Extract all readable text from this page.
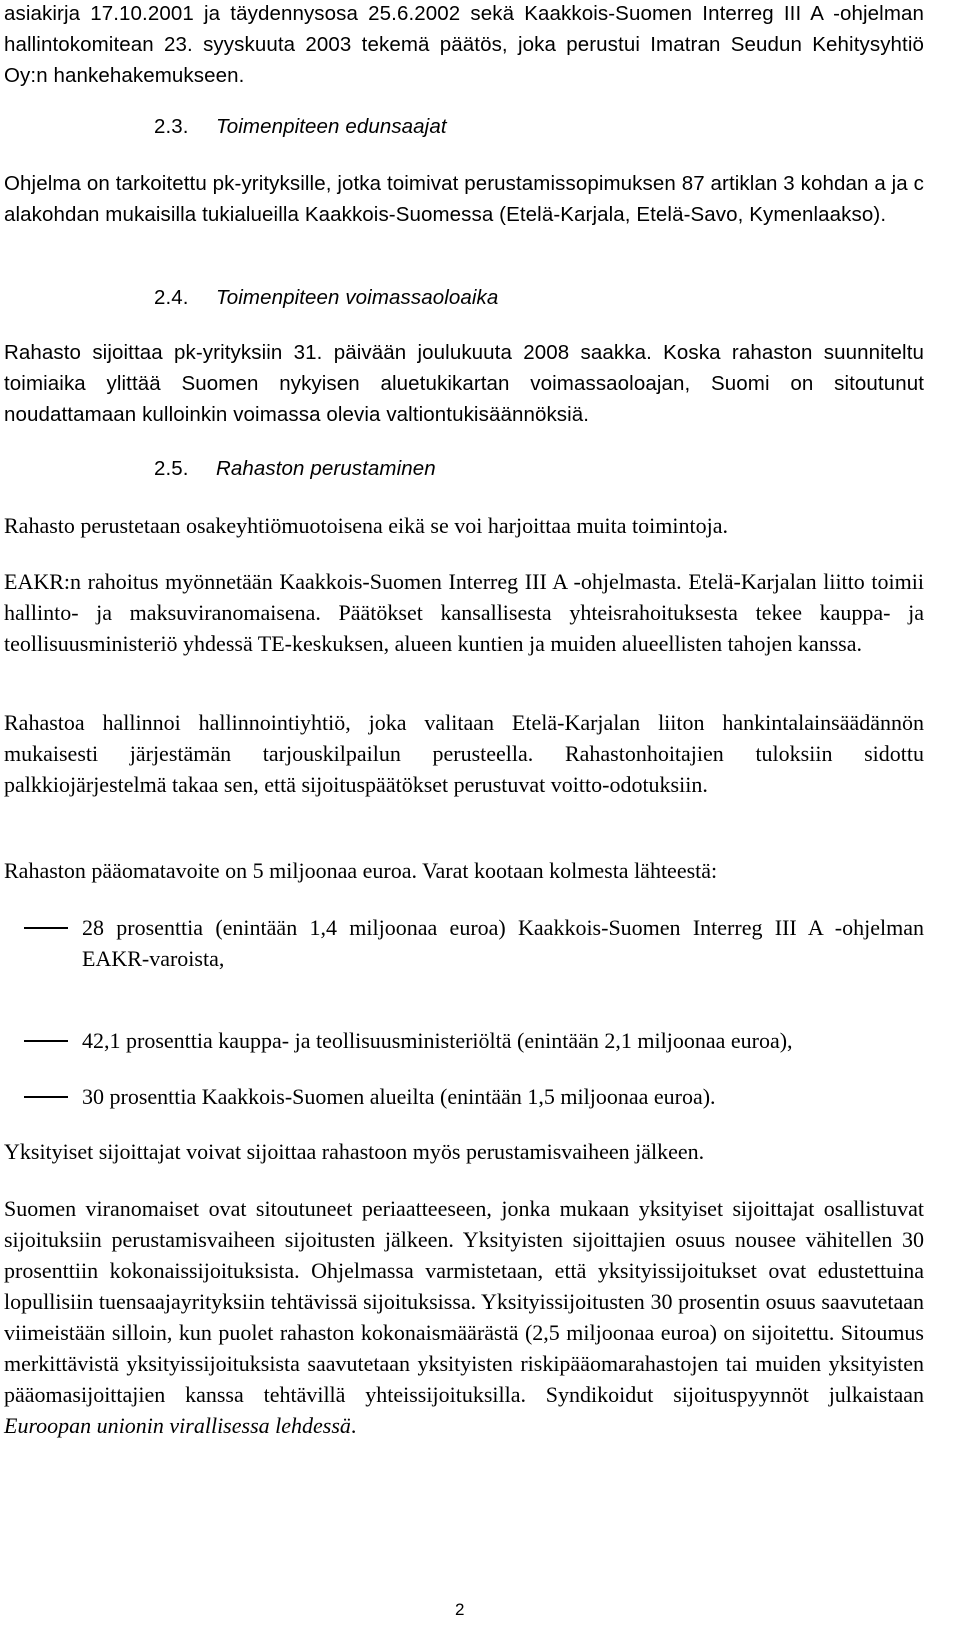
asiakirja 17.10.2001 ja täydennysosa 25.6.2002 sekä Kaakkois-Suomen Interreg III A -ohjelman hallintokomitean 23. syyskuuta 2003 tekemä päätös, joka perustui Imatran Seudun Kehitysyhtiö Oy:n hankehakemukseen.

2.3. Toimenpiteen edunsaajat

Ohjelma on tarkoitettu pk-yrityksille, jotka toimivat perustamissopimuksen 87 artiklan 3 kohdan a ja c alakohdan mukaisilla tukialueilla Kaakkois-Suomessa (Etelä-Karjala, Etelä-Savo, Kymenlaakso).

2.4. Toimenpiteen voimassaoloaika

Rahasto sijoittaa pk-yrityksiin 31. päivään joulukuuta 2008 saakka. Koska rahaston suunniteltu toimiaika ylittää Suomen nykyisen aluetukikartan voimassaoloajan, Suomi on sitoutunut noudattamaan kulloinkin voimassa olevia valtiontukisäännöksiä.

2.5. Rahaston perustaminen

Rahasto perustetaan osakeyhtiömuotoisena eikä se voi harjoittaa muita toimintoja.

EAKR:n rahoitus myönnetään Kaakkois-Suomen Interreg III A -ohjelmasta. Etelä-Karjalan liitto toimii hallinto- ja maksuviranomaisena. Päätökset kansallisesta yhteisrahoituksesta tekee kauppa- ja teollisuusministeriö yhdessä TE-keskuksen, alueen kuntien ja muiden alueellisten tahojen kanssa.

Rahastoa hallinnoi hallinnointiyhtiö, joka valitaan Etelä-Karjalan liiton hankintalainsäädännön mukaisesti järjestämän tarjouskilpailun perusteella. Rahastonhoitajien tuloksiin sidottu palkkiojärjestelmä takaa sen, että sijoituspäätökset perustuvat voitto-odotuksiin.

Rahaston pääomatavoite on 5 miljoonaa euroa. Varat kootaan kolmesta lähteestä:

28 prosenttia (enintään 1,4 miljoonaa euroa) Kaakkois-Suomen Interreg III A -ohjelman EAKR-varoista,
42,1 prosenttia kauppa- ja teollisuusministeriöltä (enintään 2,1 miljoonaa euroa),
30 prosenttia Kaakkois-Suomen alueilta (enintään 1,5 miljoonaa euroa).

Yksityiset sijoittajat voivat sijoittaa rahastoon myös perustamisvaiheen jälkeen.

Suomen viranomaiset ovat sitoutuneet periaatteeseen, jonka mukaan yksityiset sijoittajat osallistuvat sijoituksiin perustamisvaiheen sijoitusten jälkeen. Yksityisten sijoittajien osuus nousee vähitellen 30 prosenttiin kokonaissijoituksista. Ohjelmassa varmistetaan, että yksityissijoitukset ovat edustettuina lopullisiin tuensaajayrityksiin tehtävissä sijoituksissa. Yksityissijoitusten 30 prosentin osuus saavutetaan viimeistään silloin, kun puolet rahaston kokonaismäärästä (2,5 miljoonaa euroa) on sijoitettu. Sitoumus merkittävistä yksityissijoituksista saavutetaan yksityisten riskipääomarahastojen tai muiden yksityisten pääomasijoittajien kanssa tehtävillä yhteissijoituksilla. Syndikoidut sijoituspyynnöt julkaistaan Euroopan unionin virallisessa lehdessä.

2
